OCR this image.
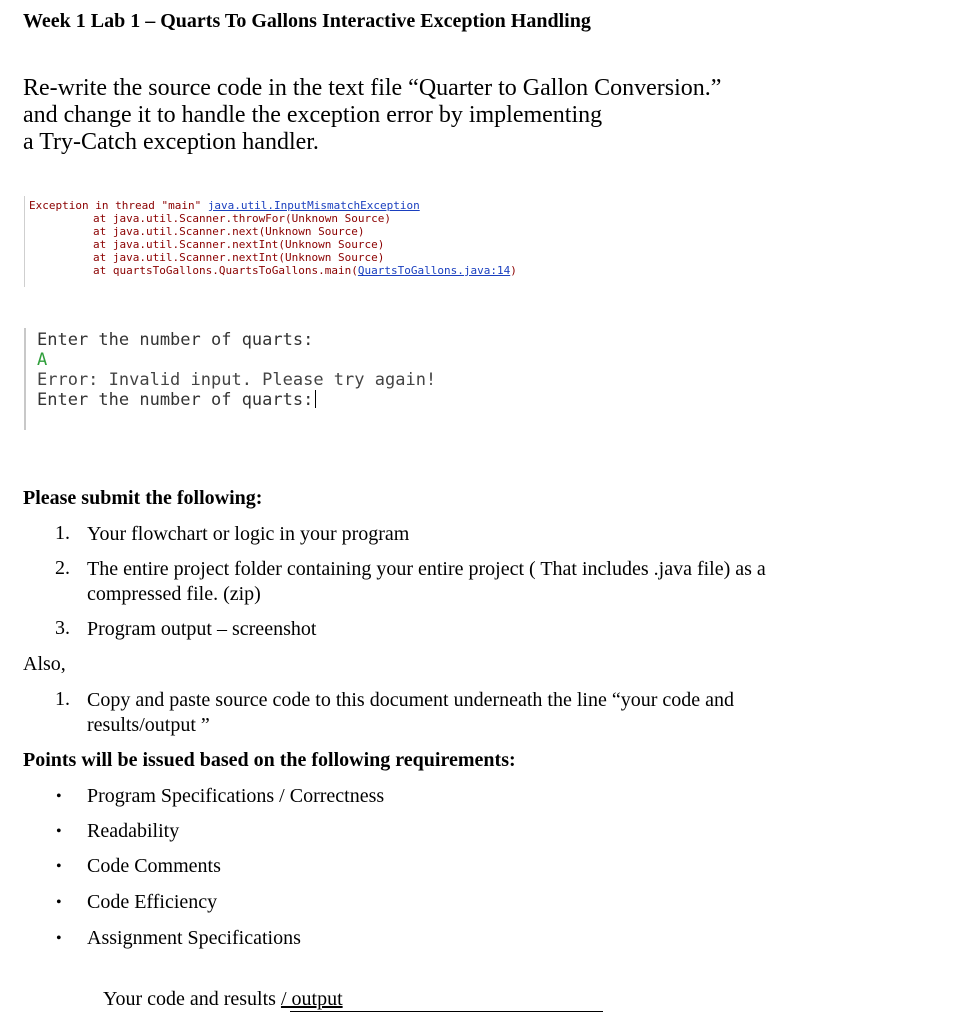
Week 1 Lab 1 – Quarts To Gallons Interactive Exception Handling
Re-write the source code in the text file “Quarter to Gallon Conversion.”
and change it to handle the exception error by implementing
a Try-Catch exception handler.
Exception in thread "main" java.util.InputMismatchException
at java.util.Scanner.throwFor(Unknown Source)
at java.util.Scanner.next(Unknown Source)
at java.util.Scanner.nextInt(Unknown Source)
at java.util.Scanner.nextInt(Unknown Source)
at quartsToGallons.QuartsToGallons.main(QuartsToGallons.java:14)
Enter the number of quarts:
A
Error: Invalid input. Please try again!
Enter the number of quarts:
Please submit the following:
1. Your flowchart or logic in your program
2. The entire project folder containing your entire project ( That includes .java file) as a
compressed file. (zip)
3. Program output – screenshot
Also,
1. Copy and paste source code to this document underneath the line “your code and
results/output ”
Points will be issued based on the following requirements:
• Program Specifications / Correctness
• Readability
• Code Comments
• Code Efficiency
• Assignment Specifications
Your code and results / output
